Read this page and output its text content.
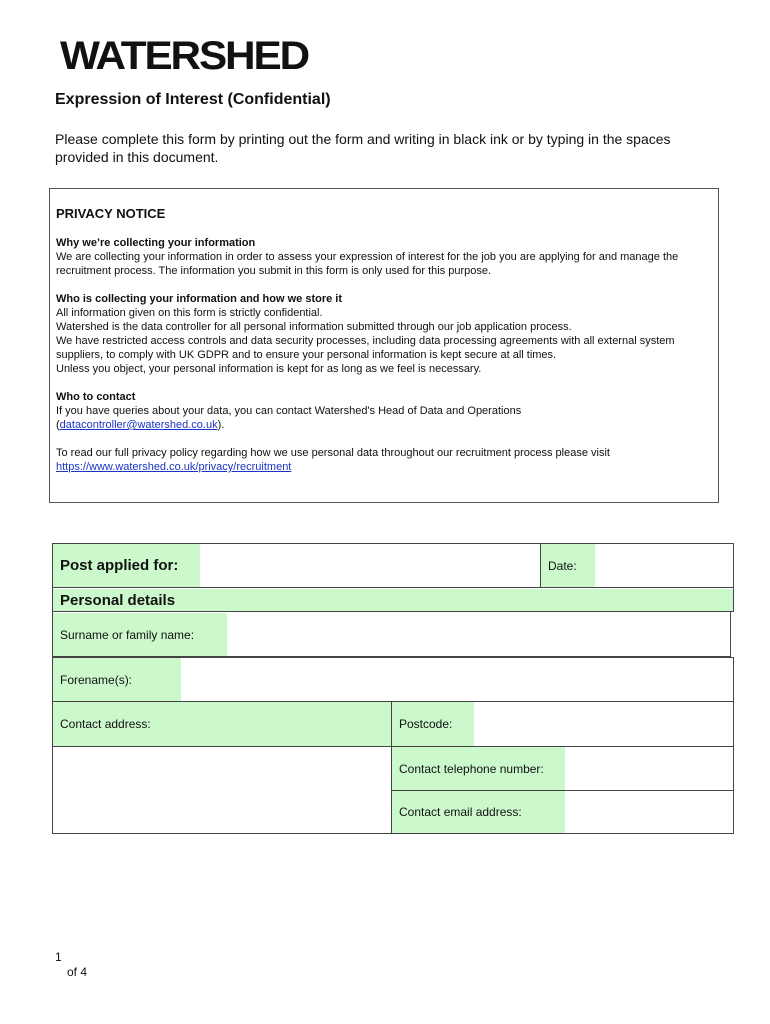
WATERSHED
Expression of Interest (Confidential)
Please complete this form by printing out the form and writing in black ink or by typing in the spaces provided in this document.
PRIVACY NOTICE
Why we’re collecting your information
We are collecting your information in order to assess your expression of interest for the job you are applying for and manage the recruitment process. The information you submit in this form is only used for this purpose.
Who is collecting your information and how we store it
All information given on this form is strictly confidential.
Watershed is the data controller for all personal information submitted through our job application process.
We have restricted access controls and data security processes, including data processing agreements with all external system suppliers, to comply with UK GDPR and to ensure your personal information is kept secure at all times.
Unless you object, your personal information is kept for as long as we feel is necessary.
Who to contact
If you have queries about your data, you can contact Watershed's Head of Data and Operations
(datacontroller@watershed.co.uk).
To read our full privacy policy regarding how we use personal data throughout our recruitment process please visit
https://www.watershed.co.uk/privacy/recruitment
Post applied for:	Date:
Personal details
Surname or family name:
Forename(s):
Contact address:	Postcode:
Contact telephone number:
Contact email address:
1
of 4
